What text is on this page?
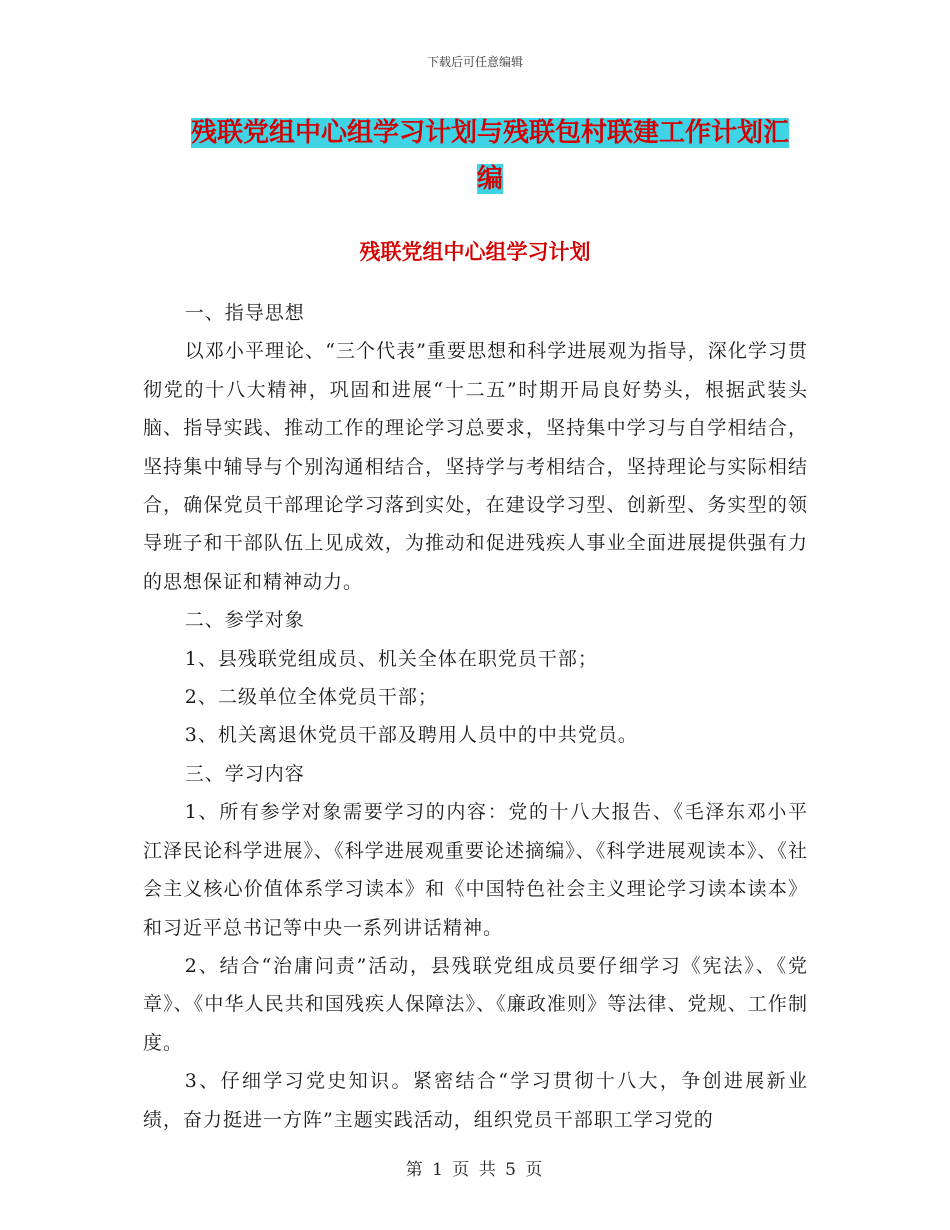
下载后可任意编辑
残联党组中心组学习计划与残联包村联建工作计划汇
编
残联党组中心组学习计划

一、指导思想

以邓小平理论、“三个代表”重要思想和科学进展观为指导，深化学习贯彻党的十八大精神，巩固和进展“十二五”时期开局良好势头，根据武装头脑、指导实践、推动工作的理论学习总要求，坚持集中学习与自学相结合，坚持集中辅导与个别沟通相结合，坚持学与考相结合，坚持理论与实际相结合，确保党员干部理论学习落到实处，在建设学习型、创新型、务实型的领导班子和干部队伍上见成效，为推动和促进残疾人事业全面进展提供强有力的思想保证和精神动力。

二、参学对象

1、县残联党组成员、机关全体在职党员干部；

2、二级单位全体党员干部；

3、机关离退休党员干部及聘用人员中的中共党员。

三、学习内容

1、所有参学对象需要学习的内容：党的十八大报告、《毛泽东邓小平江泽民论科学进展》、《科学进展观重要论述摘编》、《科学进展观读本》、《社会主义核心价值体系学习读本》和《中国特色社会主义理论学习读本读本》和习近平总书记等中央一系列讲话精神。

2、结合“治庸问责”活动，县残联党组成员要仔细学习《宪法》、《党章》、《中华人民共和国残疾人保障法》、《廉政准则》等法律、党规、工作制度。

3、仔细学习党史知识。紧密结合“学习贯彻十八大，争创进展新业绩，奋力挺进一方阵”主题实践活动，组织党员干部职工学习党的

第 1 页 共 5 页
